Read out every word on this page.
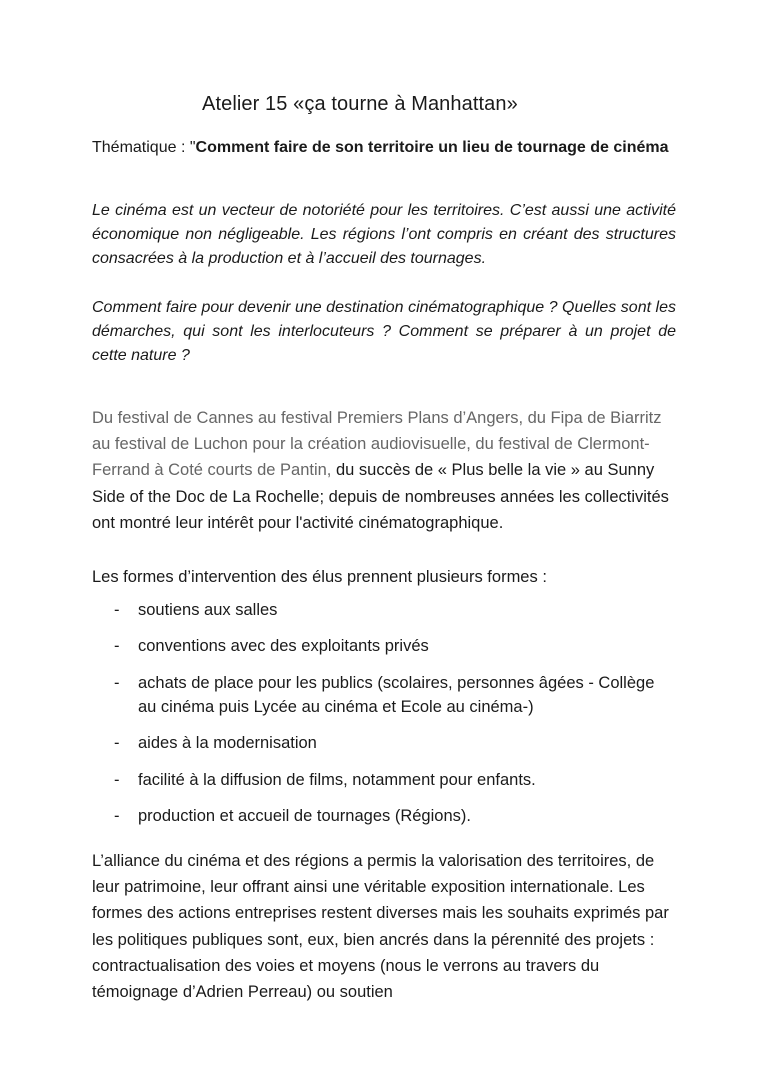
Atelier 15 «ça tourne à Manhattan»
Thématique : "Comment faire de son territoire un lieu de tournage de cinéma
Le cinéma est un vecteur de notoriété pour les territoires. C’est aussi une activité économique non négligeable. Les régions l’ont compris en créant des structures consacrées à la production et à l’accueil des tournages.
Comment faire pour devenir une destination cinématographique ? Quelles sont les démarches, qui sont les interlocuteurs ? Comment se préparer à un projet de cette nature ?
Du festival de Cannes au festival Premiers Plans d’Angers, du Fipa de Biarritz au festival de Luchon pour la création audiovisuelle, du festival de Clermont-Ferrand à Coté courts de Pantin, du succès de « Plus belle la vie » au Sunny Side of the Doc de La Rochelle; depuis de nombreuses années les collectivités ont montré leur intérêt pour l'activité cinématographique.
Les formes d’intervention des élus prennent plusieurs formes :
- soutiens aux salles
- conventions avec des exploitants privés
- achats de place pour les publics (scolaires, personnes âgées - Collège au cinéma puis Lycée au cinéma et Ecole au cinéma-)
- aides à la modernisation
- facilité à la diffusion de films, notamment pour enfants.
- production et accueil de tournages (Régions).
L’alliance du cinéma et des régions a permis la valorisation des territoires, de leur patrimoine, leur offrant ainsi une véritable exposition internationale. Les formes des actions entreprises restent diverses mais les souhaits exprimés par les politiques publiques sont, eux, bien ancrés dans la pérennité des projets : contractualisation des voies et moyens (nous le verrons au travers du témoignage d’Adrien Perreau) ou soutien
